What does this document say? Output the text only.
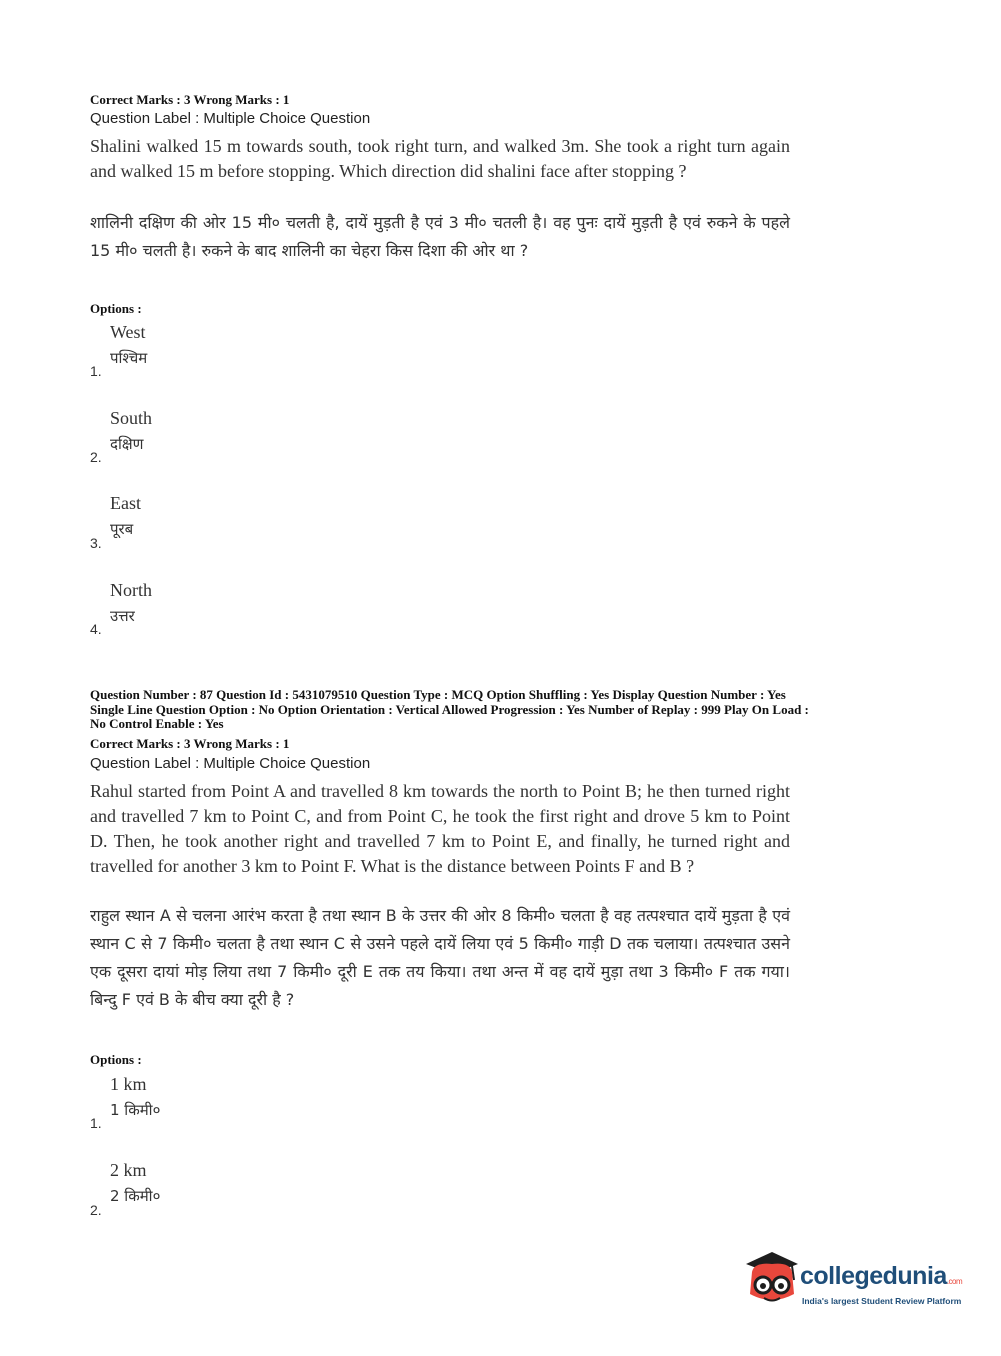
Correct Marks : 3 Wrong Marks : 1
Question Label : Multiple Choice Question
Shalini walked 15 m towards south, took right turn, and walked 3m. She took a right turn again and walked 15 m before stopping. Which direction did shalini face after stopping ?
शालिनी दक्षिण की ओर 15 मी० चलती है, दायें मुड़ती है एवं 3 मी० चतली है। वह पुनः दायें मुड़ती है एवं रुकने के पहले 15 मी० चलती है। रुकने के बाद शालिनी का चेहरा किस दिशा की ओर था ?
Options :
West
पश्चिम
1.
South
दक्षिण
2.
East
पूरब
3.
North
उत्तर
4.
Question Number : 87 Question Id : 5431079510 Question Type : MCQ Option Shuffling : Yes Display Question Number : Yes
Single Line Question Option : No Option Orientation : Vertical Allowed Progression : Yes Number of Replay : 999 Play On Load :
No Control Enable : Yes
Correct Marks : 3 Wrong Marks : 1
Question Label : Multiple Choice Question
Rahul started from Point A and travelled 8 km towards the north to Point B; he then turned right and travelled 7 km to Point C, and from Point C, he took the first right and drove 5 km to Point D. Then, he took another right and travelled 7 km to Point E, and finally, he turned right and travelled for another 3 km to Point F. What is the distance between Points F and B ?
राहुल स्थान A से चलना आरंभ करता है तथा स्थान B के उत्तर की ओर 8 किमी० चलता है वह तत्पश्चात दायें मुड़ता है एवं स्थान C से 7 किमी० चलता है तथा स्थान C से उसने पहले दायें लिया एवं 5 किमी० गाड़ी D तक चलाया। तत्पश्चात उसने एक दूसरा दायां मोड़ लिया तथा 7 किमी० दूरी E तक तय किया। तथा अन्त में वह दायें मुड़ा तथा 3 किमी० F तक गया। बिन्दु F एवं B के बीच क्या दूरी है ?
Options :
1 km
1 किमी०
1.
2 km
2 किमी०
2.
collegedunia.com
India's largest Student Review Platform
